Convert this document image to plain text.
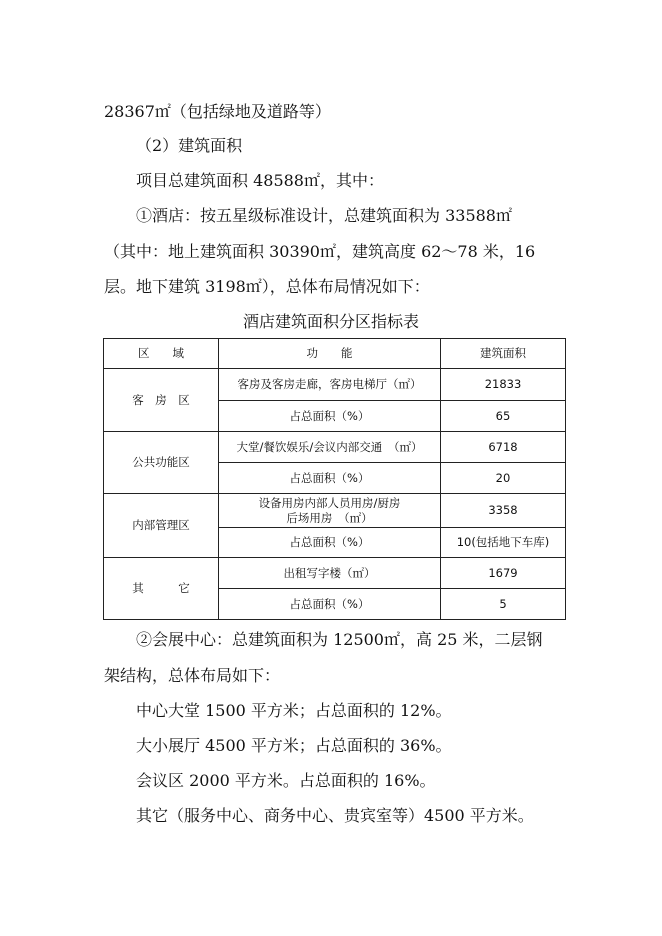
28367㎡（包括绿地及道路等）
（2）建筑面积
项目总建筑面积 48588㎡，其中：
①酒店：按五星级标准设计，总建筑面积为 33588㎡
（其中：地上建筑面积 30390㎡，建筑高度 62～78 米，16
层。地下建筑 3198㎡），总体布局情况如下：
酒店建筑面积分区指标表
区　　域	功　　能	建筑面积
客　房　区	客房及客房走廊，客房电梯厅（㎡）	21833
	占总面积（%）	65
公共功能区	大堂/餐饮娱乐/会议内部交通　（㎡）	6718
	占总面积（%）	20
内部管理区	设备用房内部人员用房/厨房
后场用房　（㎡）	3358
	占总面积（%）	10(包括地下车库)
其　　　它	出租写字楼（㎡）	1679
	占总面积（%）	5
②会展中心：总建筑面积为 12500㎡，高 25 米，二层钢
架结构，总体布局如下：
中心大堂 1500 平方米；占总面积的 12%。
大小展厅 4500 平方米；占总面积的 36%。
会议区 2000 平方米。占总面积的 16%。
其它（服务中心、商务中心、贵宾室等）4500 平方米。
